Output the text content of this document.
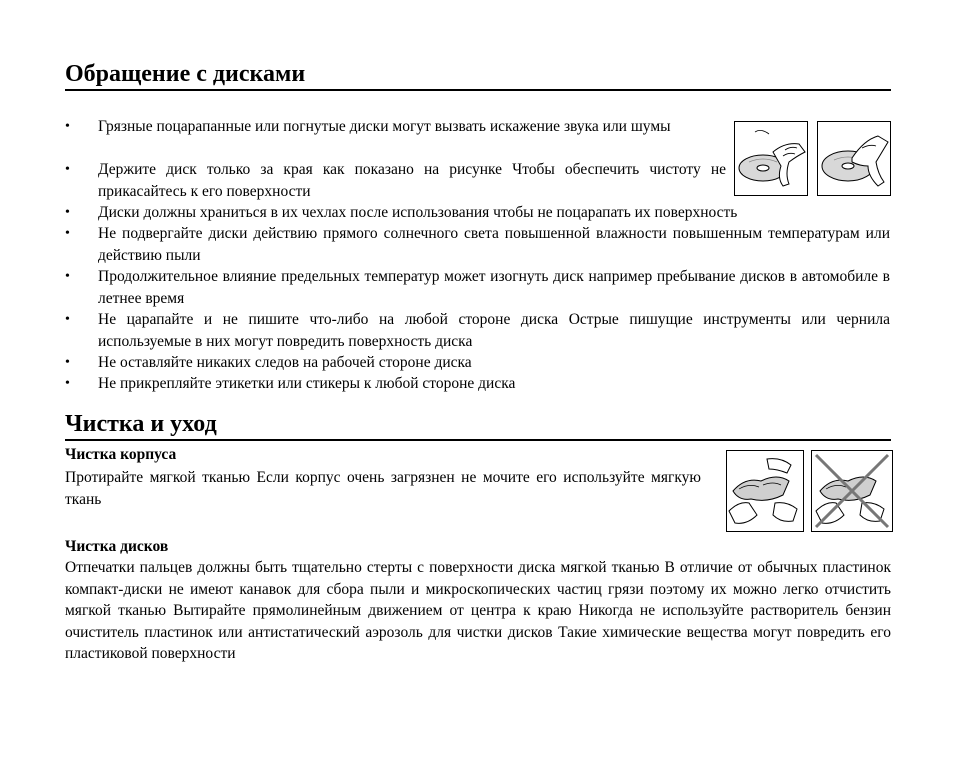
Обращение с дисками
• Грязные поцарапанные или погнутые диски могут вызвать искажение звука или шумы
• Держите диск только за края как показано на рисунке Чтобы обеспечить чистоту не прикасайтесь к его поверхности
• Диски должны храниться в их чехлах после использования чтобы не поцарапать их поверхность
• Не подвергайте диски действию прямого солнечного света повышенной влажности повышенным температурам или действию пыли
• Продолжительное влияние предельных температур может изогнуть диск например пребывание дисков в автомобиле в летнее время
• Не царапайте и не пишите что-либо на любой стороне диска Острые пишущие инструменты или чернила используемые в них могут повредить поверхность диска
• Не оставляйте никаких следов на рабочей стороне диска
• Не прикрепляйте этикетки или стикеры к любой стороне диска
Чистка и уход
Чистка корпуса
Протирайте мягкой тканью Если корпус очень загрязнен не мочите его используйте мягкую ткань
Чистка дисков
Отпечатки пальцев должны быть тщательно стерты с поверхности диска мягкой тканью В отличие от обычных пластинок компакт-диски не имеют канавок для сбора пыли и микроскопических частиц грязи поэтому их можно легко отчистить мягкой тканью Вытирайте прямолинейным движением от центра к краю Никогда не используйте растворитель бензин очиститель пластинок или антистатический аэрозоль для чистки дисков Такие химические вещества могут повредить его пластиковой поверхности
